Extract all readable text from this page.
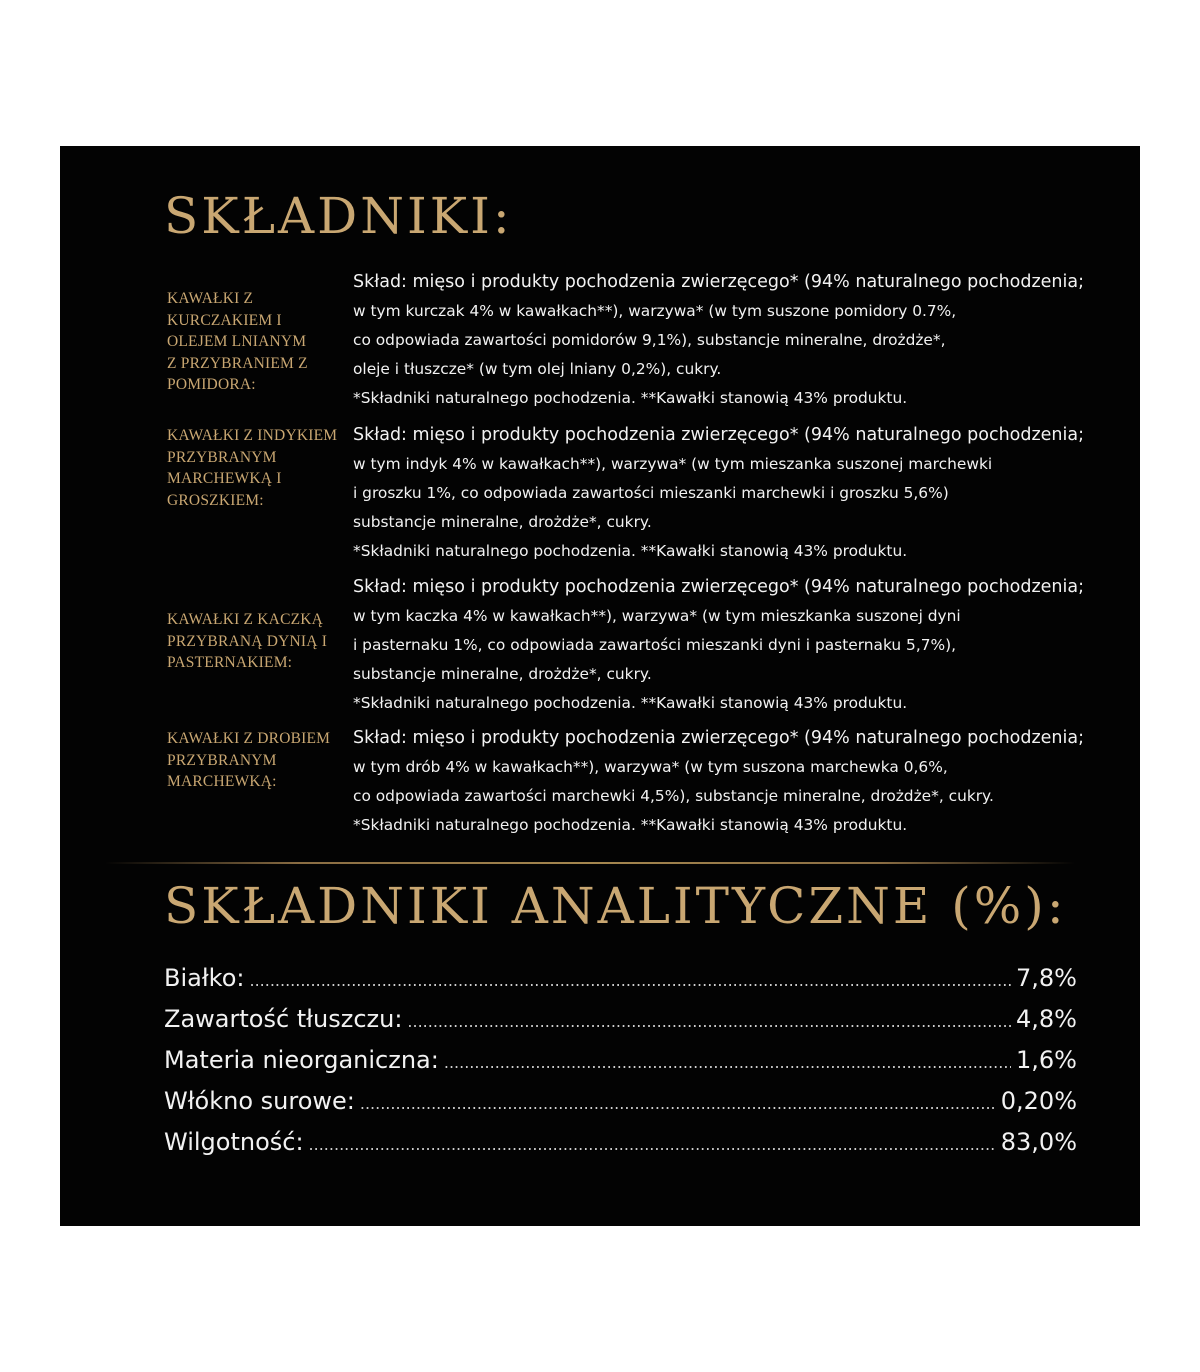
SKŁADNIKI:
KAWAŁKI Z KURCZAKIEM I OLEJEM LNIANYM Z PRZYBRANIEM Z POMIDORA:
Skład: mięso i produkty pochodzenia zwierzęcego* (94% naturalnego pochodzenia;
w tym kurczak 4% w kawałkach**), warzywa* (w tym suszone pomidory 0.7%,
co odpowiada zawartości pomidorów 9,1%), substancje mineralne, drożdże*,
oleje i tłuszcze* (w tym olej lniany 0,2%), cukry.
*Składniki naturalnego pochodzenia. **Kawałki stanowią 43% produktu.
KAWAŁKI Z INDYKIEM PRZYBRANYM MARCHEWKĄ I GROSZKIEM:
Skład: mięso i produkty pochodzenia zwierzęcego* (94% naturalnego pochodzenia;
w tym indyk 4% w kawałkach**), warzywa* (w tym mieszanka suszonej marchewki
i groszku 1%, co odpowiada zawartości mieszanki marchewki i groszku 5,6%)
substancje mineralne, drożdże*, cukry.
*Składniki naturalnego pochodzenia. **Kawałki stanowią 43% produktu.
KAWAŁKI Z KACZKĄ PRZYBRANĄ DYNIĄ I PASTERNAKIEM:
Skład: mięso i produkty pochodzenia zwierzęcego* (94% naturalnego pochodzenia;
w tym kaczka 4% w kawałkach**), warzywa* (w tym mieszkanka suszonej dyni
i pasternaku 1%, co odpowiada zawartości mieszanki dyni i pasternaku 5,7%),
substancje mineralne, drożdże*, cukry.
*Składniki naturalnego pochodzenia. **Kawałki stanowią 43% produktu.
KAWAŁKI Z DROBIEM PRZYBRANYM MARCHEWKĄ:
Skład: mięso i produkty pochodzenia zwierzęcego* (94% naturalnego pochodzenia;
w tym drób 4% w kawałkach**), warzywa* (w tym suszona marchewka 0,6%,
co odpowiada zawartości marchewki 4,5%), substancje mineralne, drożdże*, cukry.
*Składniki naturalnego pochodzenia. **Kawałki stanowią 43% produktu.
SKŁADNIKI ANALITYCZNE (%):
Białko: .....	7,8%
Zawartość tłuszczu: .....	4,8%
Materia nieorganiczna: .....	1,6%
Włókno surowe: .....	0,20%
Wilgotność: .....	83,0%
